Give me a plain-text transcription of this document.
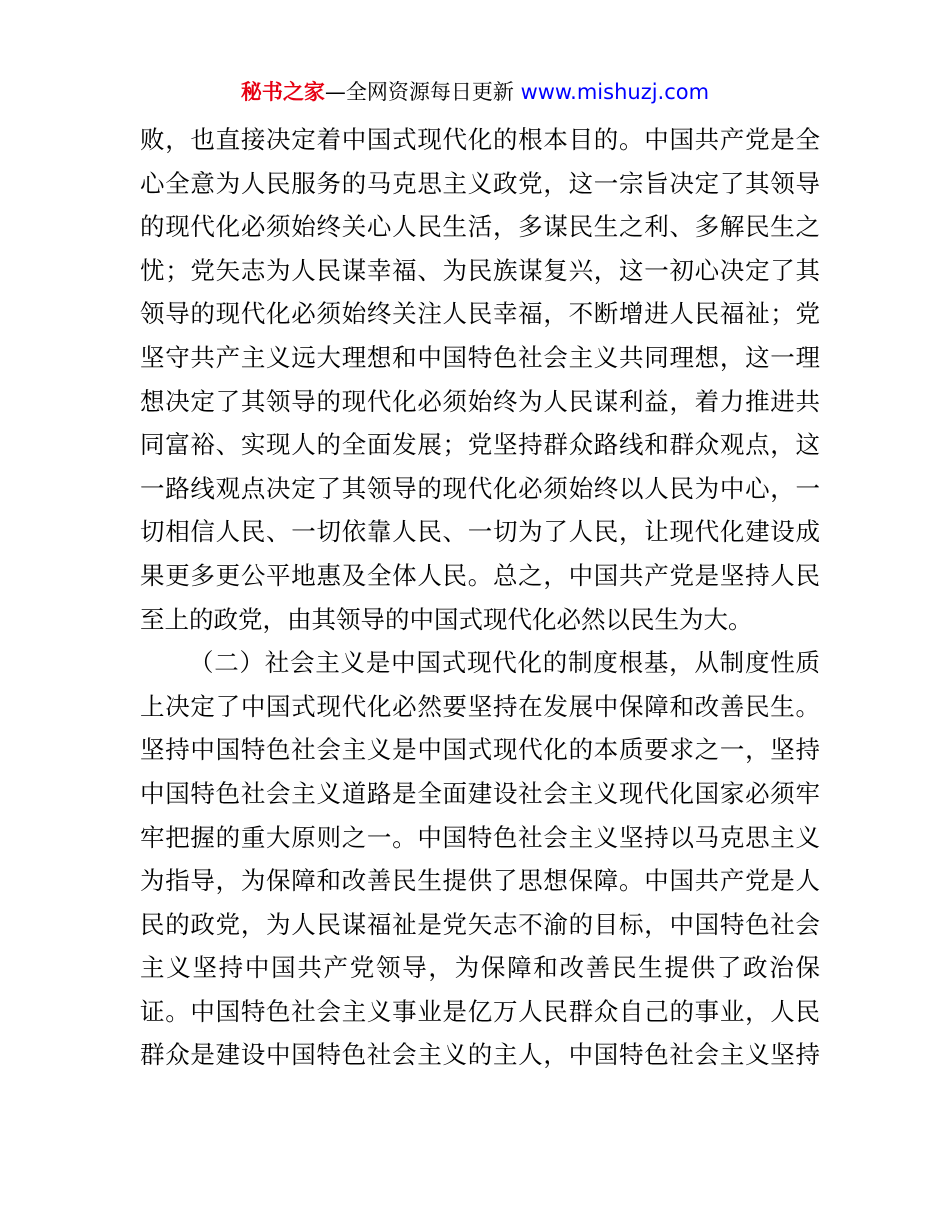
秘书之家—全网资源每日更新 www.mishuzj.com
败，也直接决定着中国式现代化的根本目的。中国共产党是全
心全意为人民服务的马克思主义政党，这一宗旨决定了其领导
的现代化必须始终关心人民生活，多谋民生之利、多解民生之
忧；党矢志为人民谋幸福、为民族谋复兴，这一初心决定了其
领导的现代化必须始终关注人民幸福，不断增进人民福祉；党
坚守共产主义远大理想和中国特色社会主义共同理想，这一理
想决定了其领导的现代化必须始终为人民谋利益，着力推进共
同富裕、实现人的全面发展；党坚持群众路线和群众观点，这
一路线观点决定了其领导的现代化必须始终以人民为中心，一
切相信人民、一切依靠人民、一切为了人民，让现代化建设成
果更多更公平地惠及全体人民。总之，中国共产党是坚持人民
至上的政党，由其领导的中国式现代化必然以民生为大。
（二）社会主义是中国式现代化的制度根基，从制度性质
上决定了中国式现代化必然要坚持在发展中保障和改善民生。
坚持中国特色社会主义是中国式现代化的本质要求之一，坚持
中国特色社会主义道路是全面建设社会主义现代化国家必须牢
牢把握的重大原则之一。中国特色社会主义坚持以马克思主义
为指导，为保障和改善民生提供了思想保障。中国共产党是人
民的政党，为人民谋福祉是党矢志不渝的目标，中国特色社会
主义坚持中国共产党领导，为保障和改善民生提供了政治保
证。中国特色社会主义事业是亿万人民群众自己的事业，人民
群众是建设中国特色社会主义的主人，中国特色社会主义坚持
